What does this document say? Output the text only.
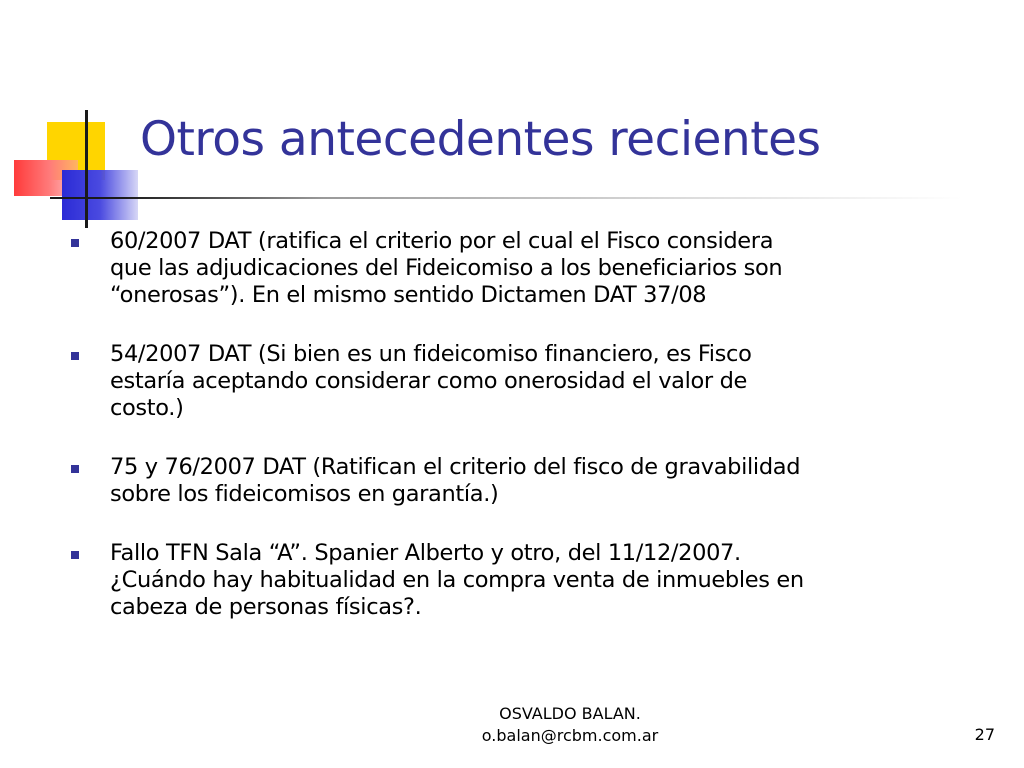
Otros antecedentes recientes
60/2007 DAT (ratifica el criterio por el cual el Fisco considera
que las adjudicaciones del Fideicomiso a los beneficiarios son
“onerosas”). En el mismo sentido Dictamen DAT 37/08
54/2007 DAT (Si bien es un fideicomiso financiero, es Fisco
estaría aceptando considerar como onerosidad el valor de
costo.)
75 y 76/2007 DAT (Ratifican el criterio del fisco de gravabilidad
sobre los fideicomisos en garantía.)
Fallo TFN Sala “A”. Spanier Alberto y otro, del 11/12/2007.
¿Cuándo hay habitualidad en la compra venta de inmuebles en
cabeza de personas físicas?.
OSVALDO BALAN.
o.balan@rcbm.com.ar	27
